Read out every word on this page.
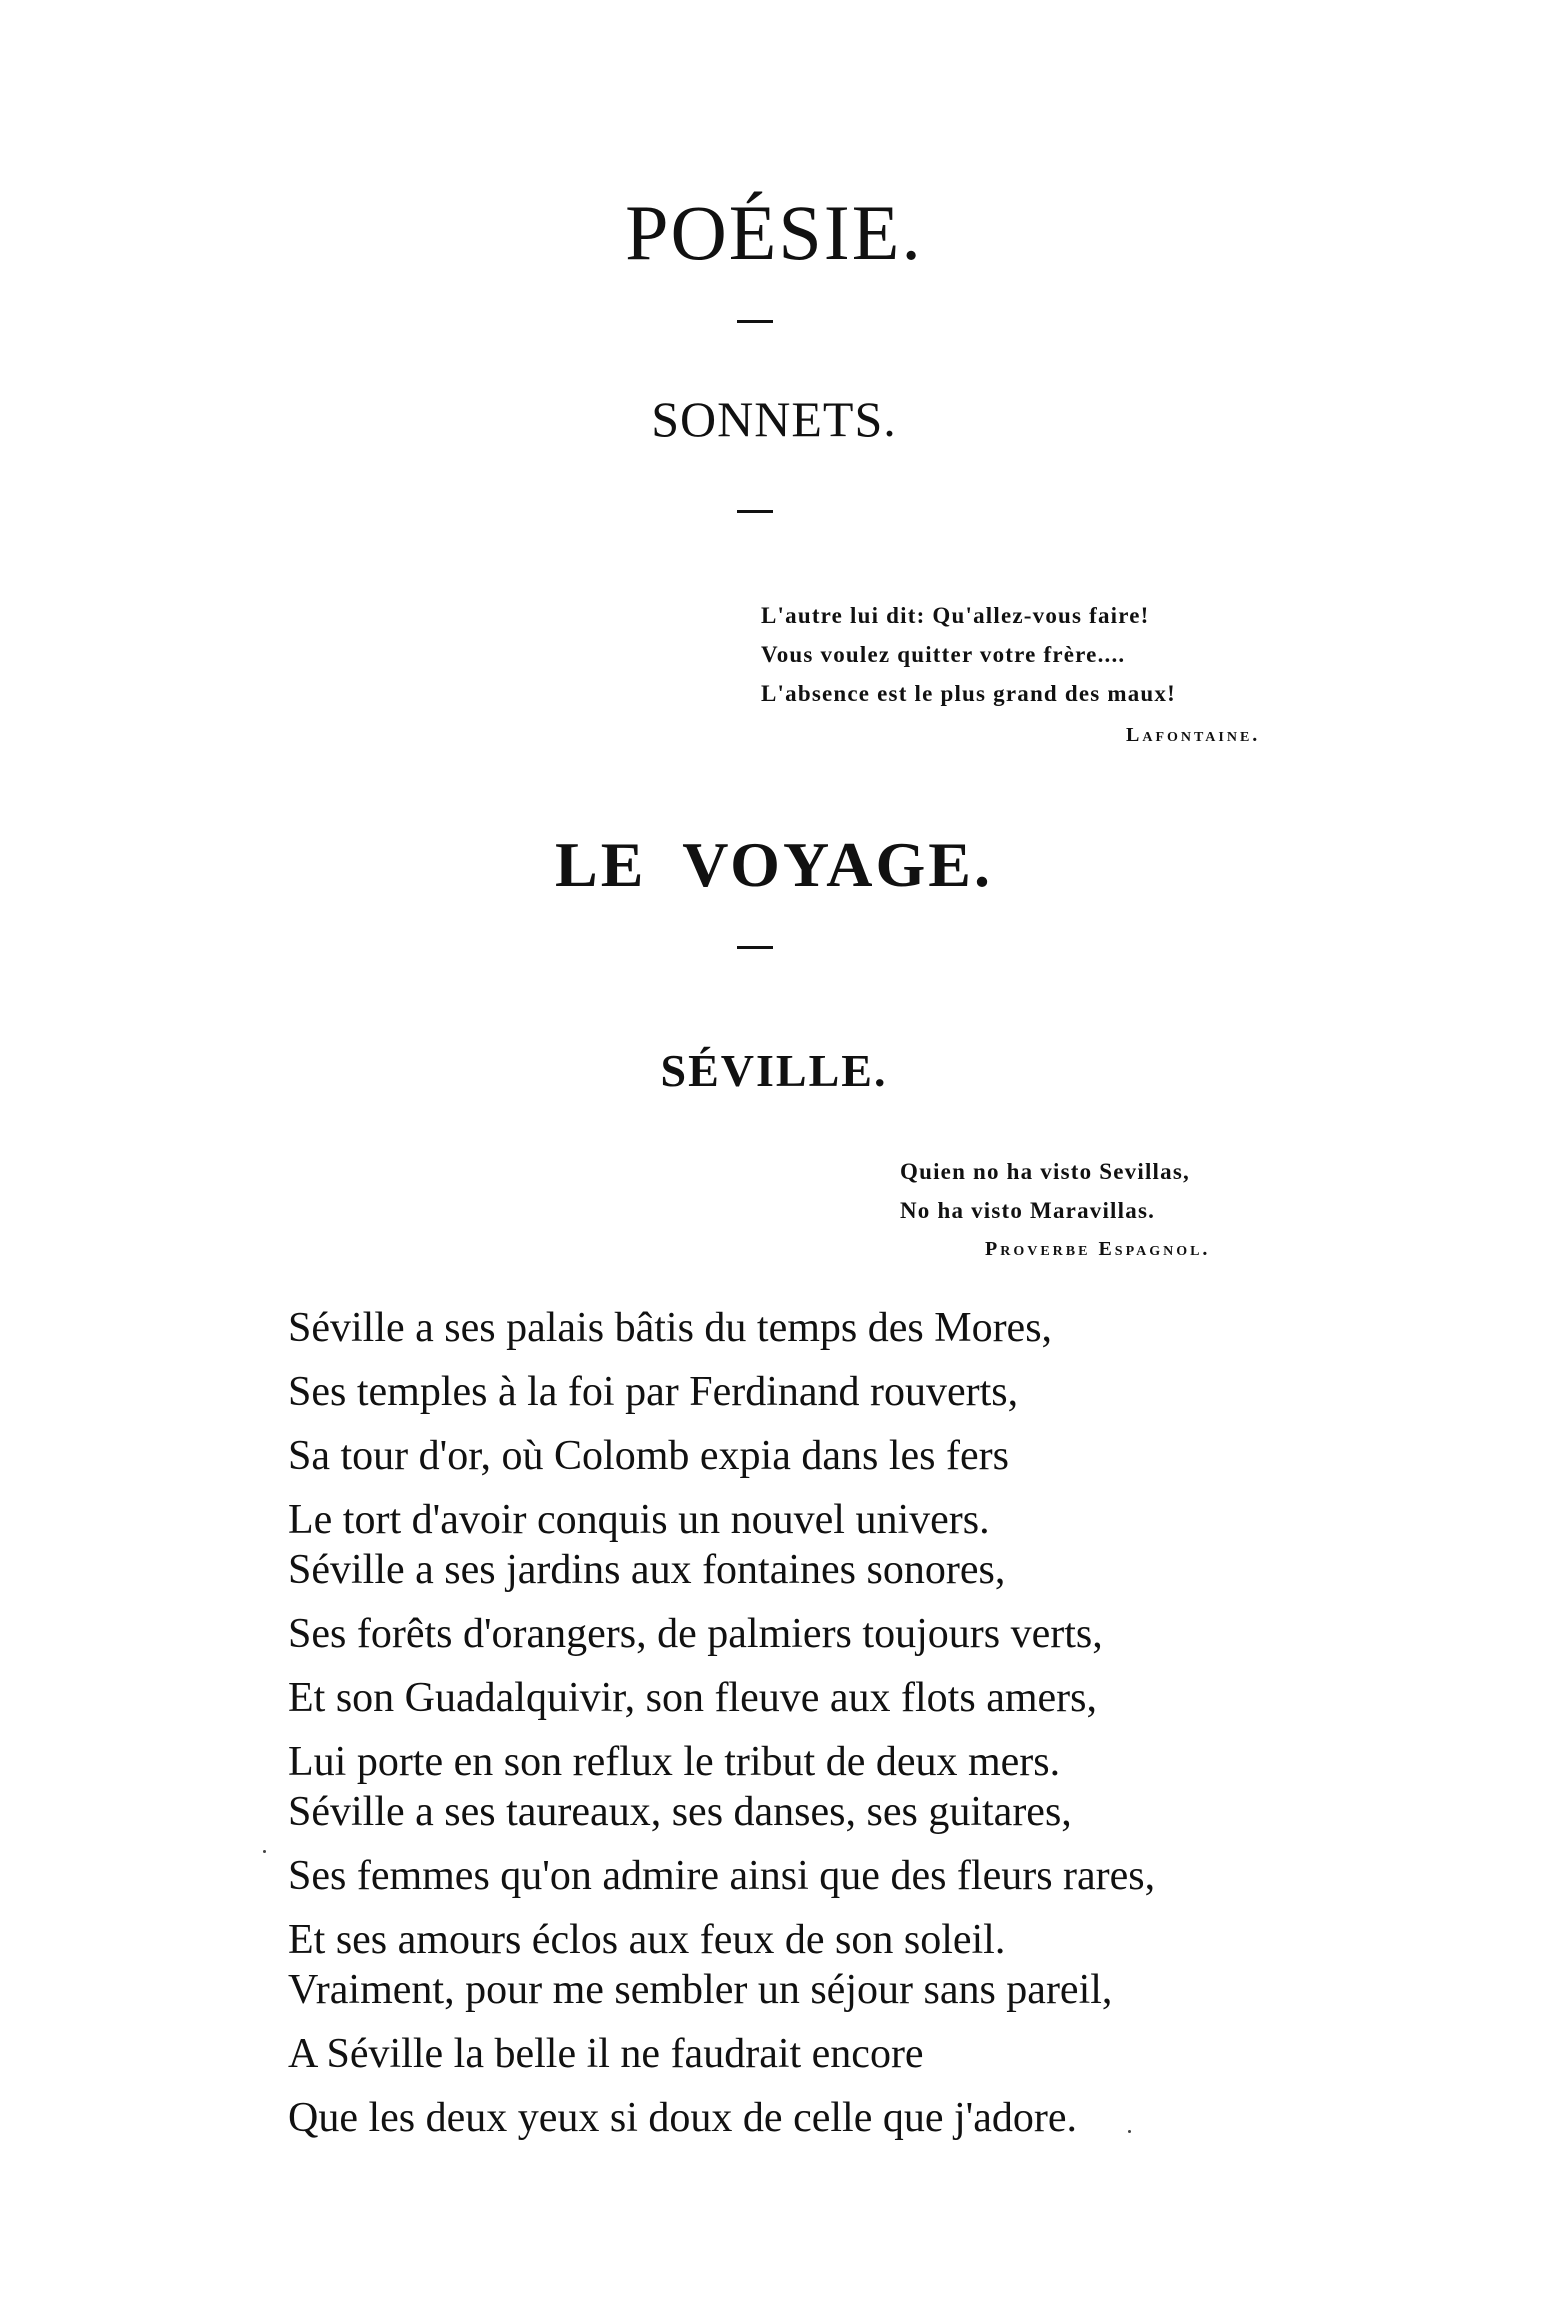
POÉSIE.
SONNETS.
L'autre lui dit: Qu'allez-vous faire!
Vous voulez quitter votre frère....
L'absence est le plus grand des maux!
Lafontaine.
LE VOYAGE.
SÉVILLE.
Quien no ha visto Sevillas,
No ha visto Maravillas.
Proverbe Espagnol.
Séville a ses palais bâtis du temps des Mores,
Ses temples à la foi par Ferdinand rouverts,
Sa tour d'or, où Colomb expia dans les fers
Le tort d'avoir conquis un nouvel univers.
Séville a ses jardins aux fontaines sonores,
Ses forêts d'orangers, de palmiers toujours verts,
Et son Guadalquivir, son fleuve aux flots amers,
Lui porte en son reflux le tribut de deux mers.
Séville a ses taureaux, ses danses, ses guitares,
Ses femmes qu'on admire ainsi que des fleurs rares,
Et ses amours éclos aux feux de son soleil.
Vraiment, pour me sembler un séjour sans pareil,
A Séville la belle il ne faudrait encore
Que les deux yeux si doux de celle que j'adore.
